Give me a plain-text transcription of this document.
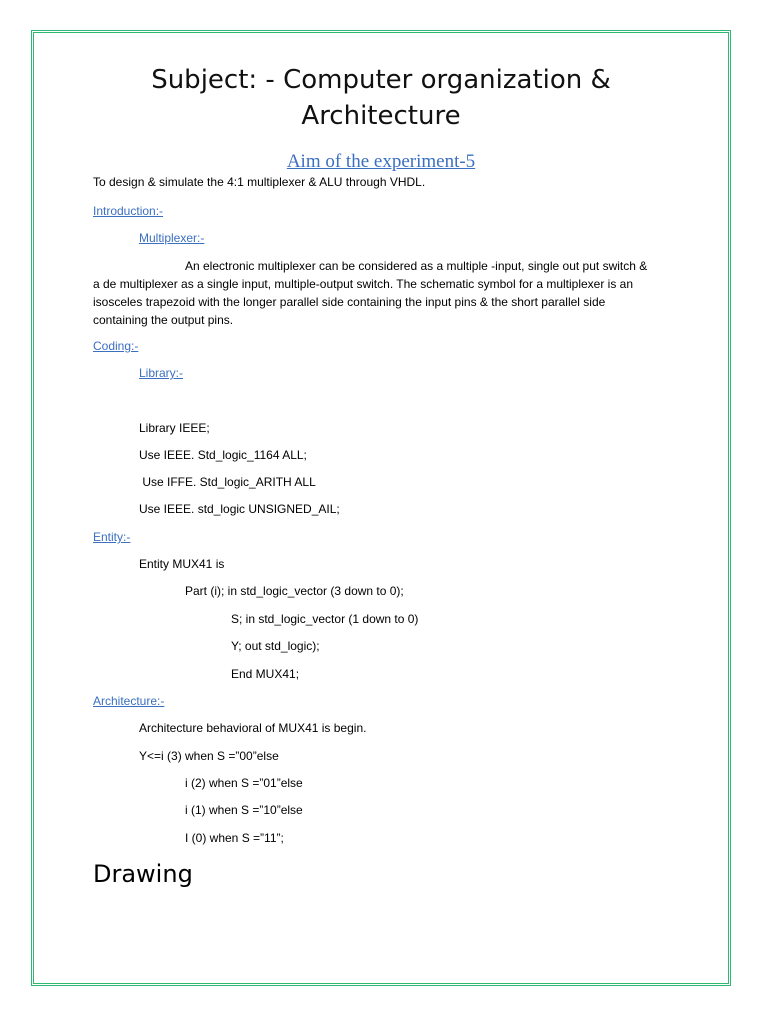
Subject: - Computer organization &
Architecture
Aim of the experiment-5
To design & simulate the 4:1 multiplexer & ALU through VHDL.
Introduction:-
Multiplexer:-
An electronic multiplexer can be considered as a multiple -input, single out put switch & a de multiplexer as a single input, multiple-output switch. The schematic symbol for a multiplexer is an isosceles trapezoid with the longer parallel side containing the input pins & the short parallel side containing the output pins.
Coding:-
Library:-
Library IEEE;
Use IEEE. Std_logic_1164 ALL;
Use IFFE. Std_logic_ARITH ALL
Use IEEE. std_logic UNSIGNED_AIL;
Entity:-
Entity MUX41 is
Part (i); in std_logic_vector (3 down to 0);
S; in std_logic_vector (1 down to 0)
Y; out std_logic);
End MUX41;
Architecture:-
Architecture behavioral of MUX41 is begin.
Y<=i (3) when S =”00”else
i (2) when S =”01”else
i (1) when S =”10”else
I (0) when S =”11”;
Drawing
